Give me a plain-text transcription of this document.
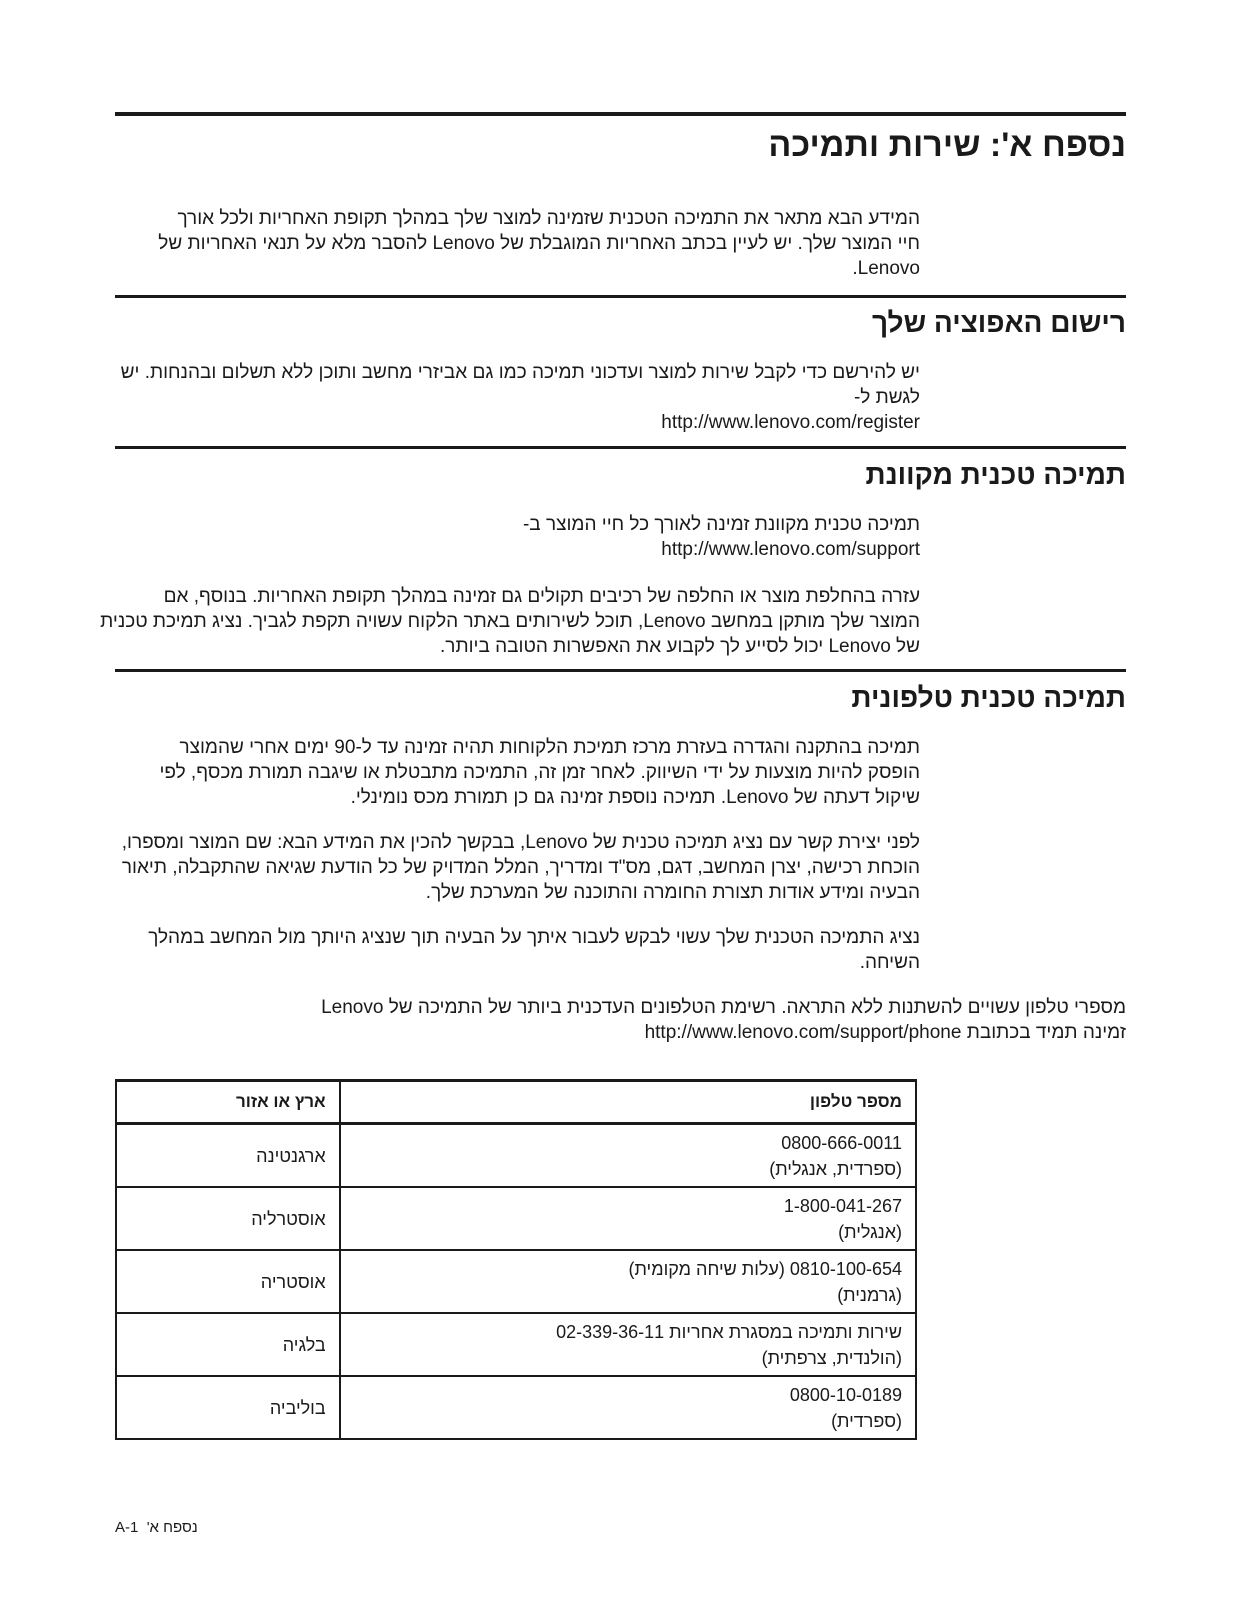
נספח א': שירות ותמיכה

המידע הבא מתאר את התמיכה הטכנית שזמינה למוצר שלך במהלך תקופת האחריות ולכל אורך
חיי המוצר שלך. יש לעיין בכתב האחריות המוגבלת של Lenovo להסבר מלא על תנאי האחריות של
Lenovo.

רישום האפוציה שלך

יש להירשם כדי לקבל שירות למוצר ועדכוני תמיכה כמו גם אביזרי מחשב ותוכן ללא תשלום ובהנחות. יש
לגשת ל-
http://www.lenovo.com/register

תמיכה טכנית מקוונת

תמיכה טכנית מקוונת זמינה לאורך כל חיי המוצר ב-
http://www.lenovo.com/support

עזרה בהחלפת מוצר או החלפה של רכיבים תקולים גם זמינה במהלך תקופת האחריות. בנוסף, אם
המוצר שלך מותקן במחשב Lenovo, תוכל לשירותים באתר הלקוח עשויה תקפת לגביך. נציג תמיכת טכנית
של Lenovo יכול לסייע לך לקבוע את האפשרות הטובה ביותר.

תמיכה טכנית טלפונית

תמיכה בהתקנה והגדרה בעזרת מרכז תמיכת הלקוחות תהיה זמינה עד ל-90 ימים אחרי שהמוצר
הופסק להיות מוצעות על ידי השיווק. לאחר זמן זה, התמיכה מתבטלת או שיגבה תמורת מכסף, לפי
שיקול דעתה של Lenovo. תמיכה נוספת זמינה גם כן תמורת מכס נומינלי.

לפני יצירת קשר עם נציג תמיכה טכנית של Lenovo, בבקשך להכין את המידע הבא: שם המוצר ומספרו,
הוכחת רכישה, יצרן המחשב, דגם, מס"ד ומדריך, המלל המדויק של כל הודעת שגיאה שהתקבלה, תיאור
הבעיה ומידע אודות תצורת החומרה והתוכנה של המערכת שלך.

נציג התמיכה הטכנית שלך עשוי לבקש לעבור איתך על הבעיה תוך שנציג היותך מול המחשב במהלך
השיחה.

מספרי טלפון עשויים להשתנות ללא התראה. רשימת הטלפונים העדכנית ביותר של התמיכה של Lenovo
זמינה תמיד בכתובת http://www.lenovo.com/support/phone

מספר טלפון	ארץ או אזור

0800-666-0011
(ספרדית, אנגלית)	ארגנטינה

1-800-041-267
(אנגלית)	אוסטרליה

0810-100-654 (עלות שיחה מקומית)
(גרמנית)	אוסטריה

שירות ותמיכה במסגרת אחריות 02-339-36-11
(הולנדית, צרפתית)	בלגיה

0800-10-0189
(ספרדית)	בוליביה
A-1 נספח א'
